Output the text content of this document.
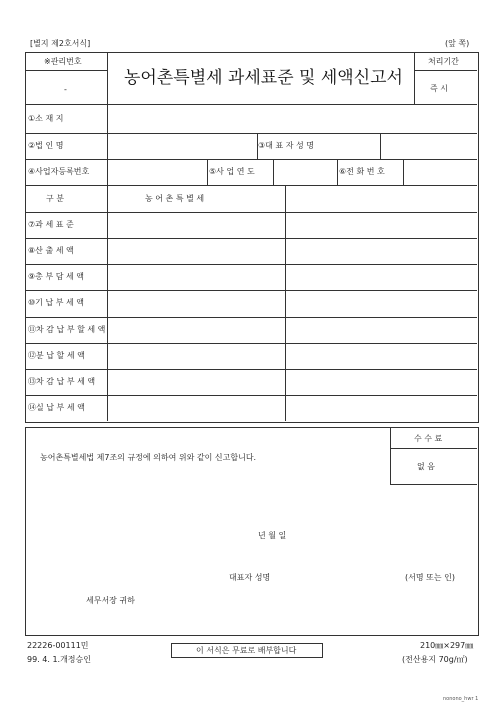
[별지 제2호서식]	(앞 쪽)
※관리번호
-
농어촌특별세 과세표준 및 세액신고서
처리기간
즉 시
①소 재 지
②법 인 명	③대 표 자 성 명
④사업자등록번호	⑤사 업 연 도	⑥전 화 번 호
구 분	농 어 촌 특 별 세
⑦과 세 표 준
⑧산 출 세 액
⑨총 부 담 세 액
⑩기 납 부 세 액
⑪차 감 납 부 할 세 액
⑫분 납 할 세 액
⑬차 감 납 부 세 액
⑭실 납 부 세 액
수 수 료
없 음
농어촌특별세법 제7조의 규정에 의하여 위와 같이 신고합니다.
년 월 일
대표자 성명	(서명 또는 인)
세무서장 귀하
22226-00111민
99. 4. 1.개정승인
이 서식은 무료로 배부합니다
210㎜×297㎜
(전산용지 70g/㎡)
nonono_hwr 1
